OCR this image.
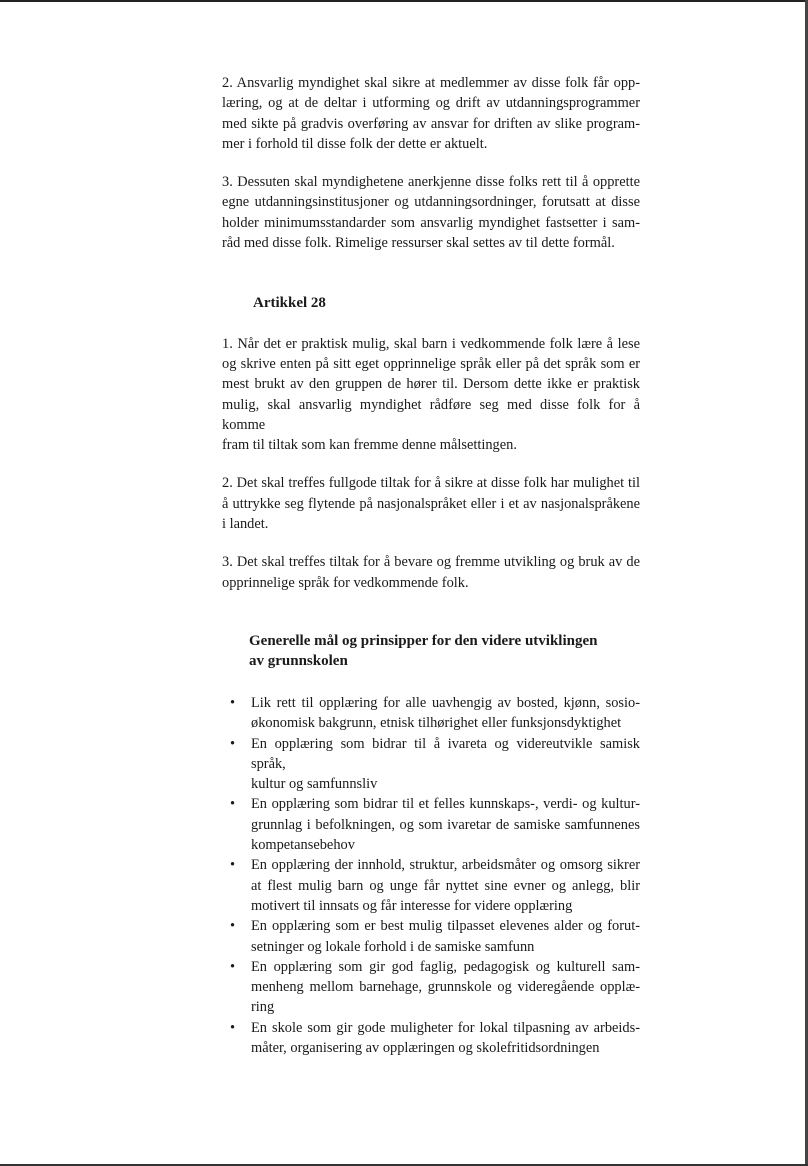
2. Ansvarlig myndighet skal sikre at medlemmer av disse folk får opp-
læring, og at de deltar i utforming og drift av utdanningsprogrammer
med sikte på gradvis overføring av ansvar for driften av slike program-
mer i forhold til disse folk der dette er aktuelt.

3. Dessuten skal myndighetene anerkjenne disse folks rett til å opprette
egne utdanningsinstitusjoner og utdanningsordninger, forutsatt at disse
holder minimumsstandarder som ansvarlig myndighet fastsetter i sam-
råd med disse folk. Rimelige ressurser skal settes av til dette formål.

Artikkel 28

1. Når det er praktisk mulig, skal barn i vedkommende folk lære å lese
og skrive enten på sitt eget opprinnelige språk eller på det språk som er
mest brukt av den gruppen de hører til. Dersom dette ikke er praktisk
mulig, skal ansvarlig myndighet rådføre seg med disse folk for å komme
fram til tiltak som kan fremme denne målsettingen.

2. Det skal treffes fullgode tiltak for å sikre at disse folk har mulighet til
å uttrykke seg flytende på nasjonalspråket eller i et av nasjonalspråkene
i landet.

3. Det skal treffes tiltak for å bevare og fremme utvikling og bruk av de
opprinnelige språk for vedkommende folk.

Generelle mål og prinsipper for den videre utviklingen
av grunnskolen

• Lik rett til opplæring for alle uavhengig av bosted, kjønn, sosio-
økonomisk bakgrunn, etnisk tilhørighet eller funksjonsdyktighet
• En opplæring som bidrar til å ivareta og videreutvikle samisk språk,
kultur og samfunnsliv
• En opplæring som bidrar til et felles kunnskaps-, verdi- og kultur-
grunnlag i befolkningen, og som ivaretar de samiske samfunnenes
kompetansebehov
• En opplæring der innhold, struktur, arbeidsmåter og omsorg sikrer
at flest mulig barn og unge får nyttet sine evner og anlegg, blir
motivert til innsats og får interesse for videre opplæring
• En opplæring som er best mulig tilpasset elevenes alder og forut-
setninger og lokale forhold i de samiske samfunn
• En opplæring som gir god faglig, pedagogisk og kulturell sam-
menheng mellom barnehage, grunnskole og videregående opplæ-
ring
• En skole som gir gode muligheter for lokal tilpasning av arbeids-
måter, organisering av opplæringen og skolefritidsordningen
